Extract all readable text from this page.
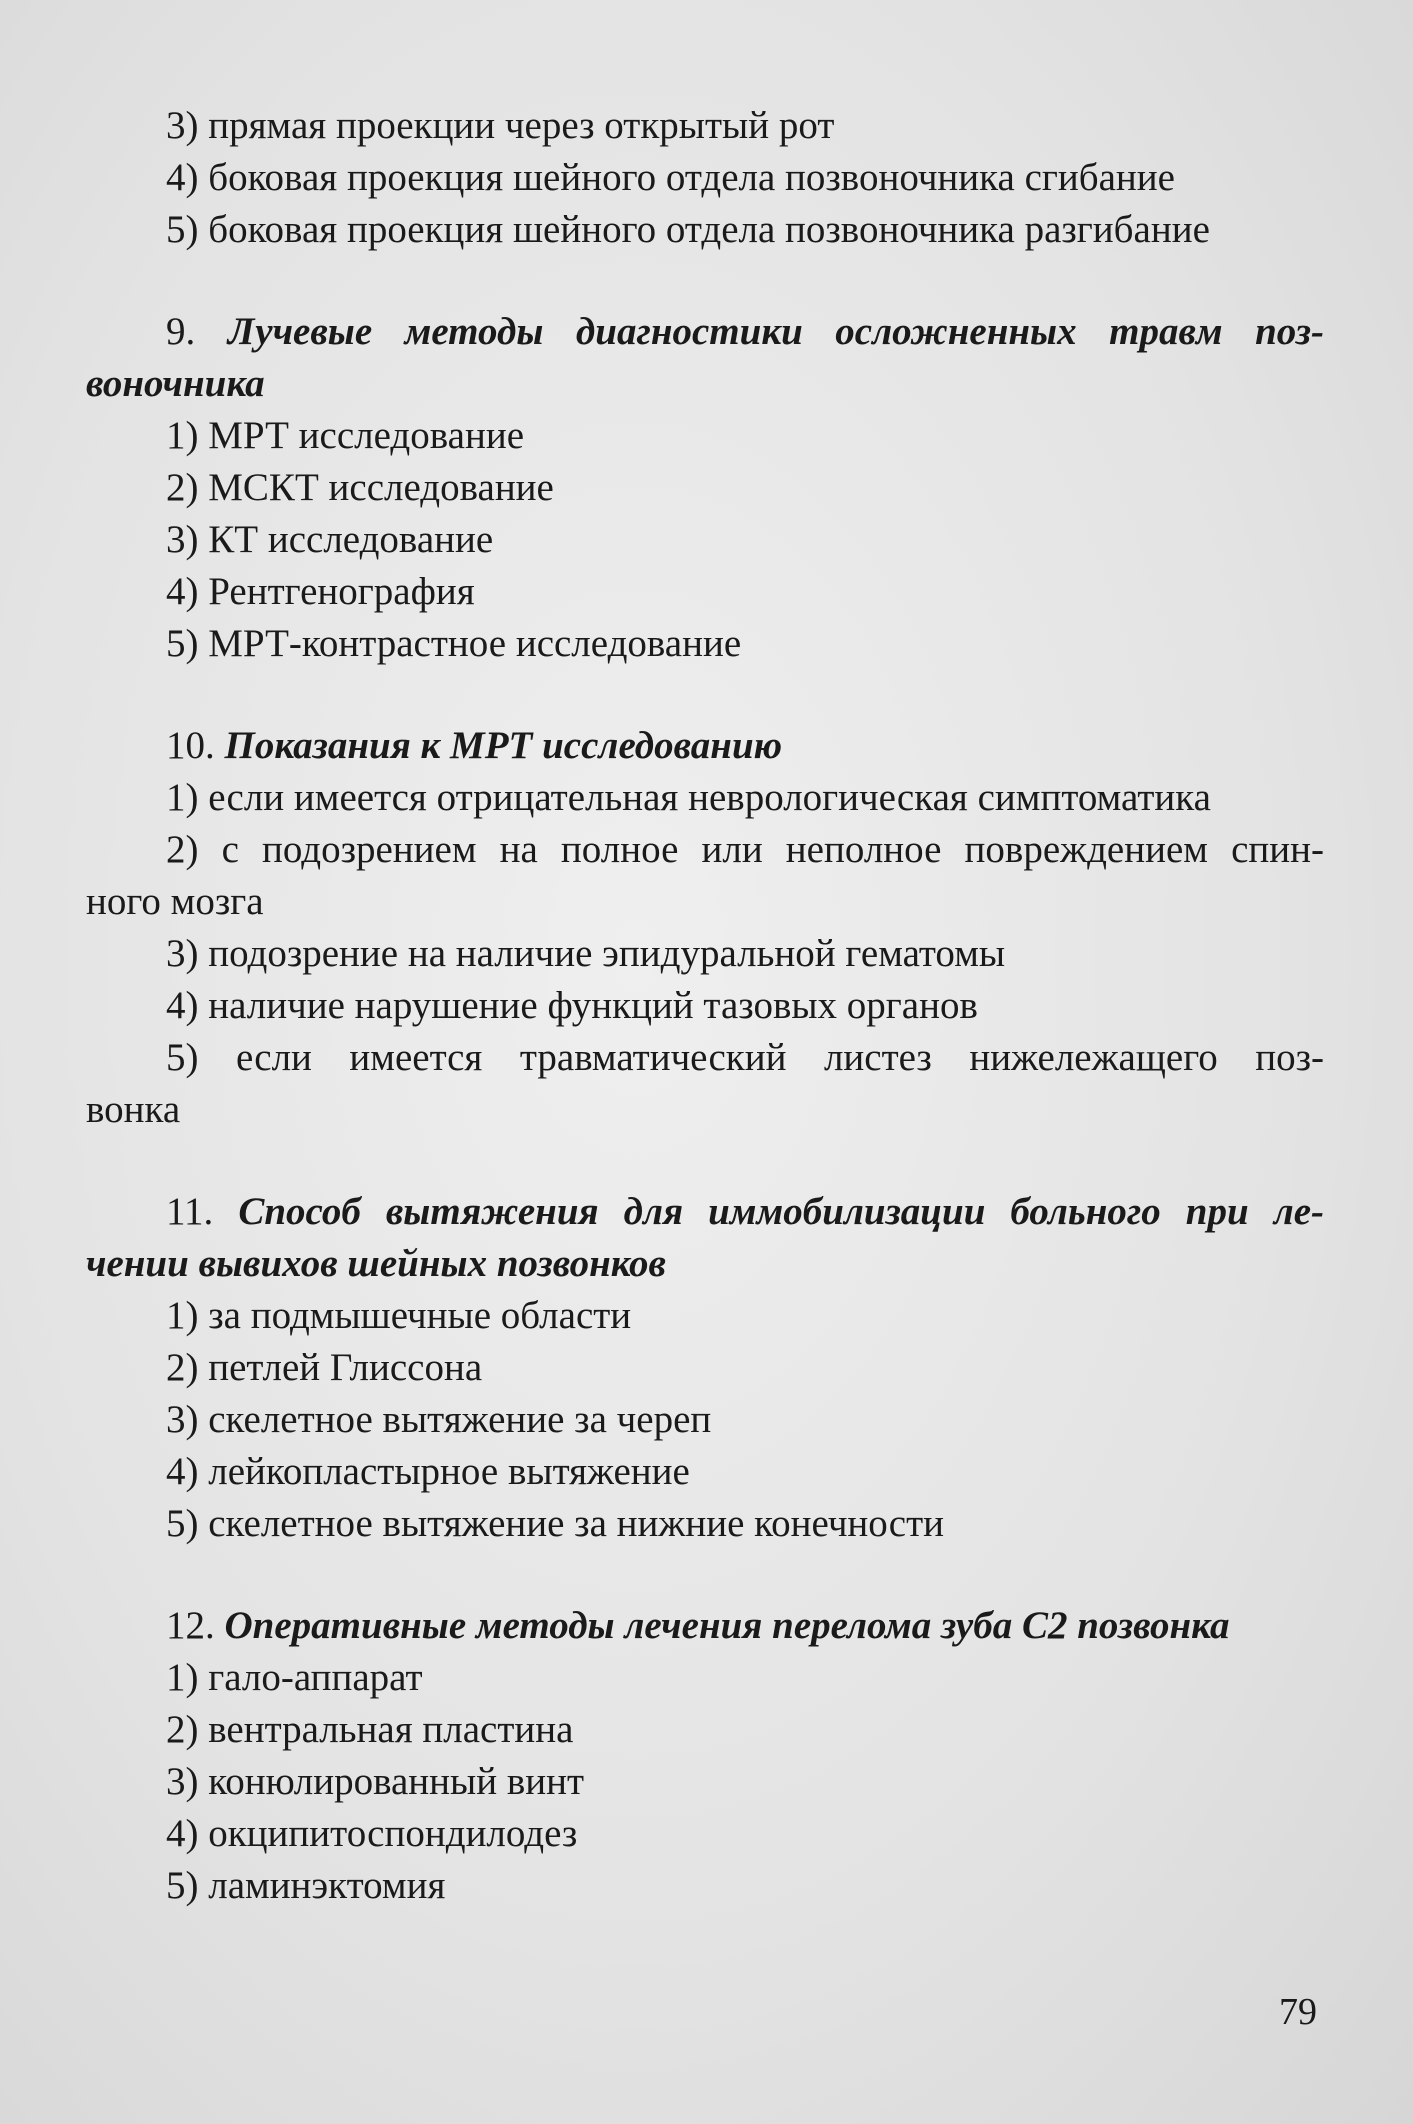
3) прямая проекции через открытый рот
4) боковая проекция шейного отдела позвоночника сгибание
5) боковая проекция шейного отдела позвоночника разгибание
9. Лучевые методы диагностики осложненных травм поз-
воночника
1) МРТ исследование
2) МСКТ исследование
3) КТ исследование
4) Рентгенография
5) МРТ-контрастное исследование
10. Показания к МРТ исследованию
1) если имеется отрицательная неврологическая симптоматика
2) с подозрением на полное или неполное повреждением спин-
ного мозга
3) подозрение на наличие эпидуральной гематомы
4) наличие нарушение функций тазовых органов
5) если имеется травматический листез нижележащего поз-
вонка
11. Способ вытяжения для иммобилизации больного при ле-
чении вывихов шейных позвонков
1) за подмышечные области
2) петлей Глиссона
3) скелетное вытяжение за череп
4) лейкопластырное вытяжение
5) скелетное вытяжение за нижние конечности
12. Оперативные методы лечения перелома зуба С2 позвонка
1) гало-аппарат
2) вентральная пластина
3) конюлированный винт
4) окципитоспондилодез
5) ламинэктомия
79
